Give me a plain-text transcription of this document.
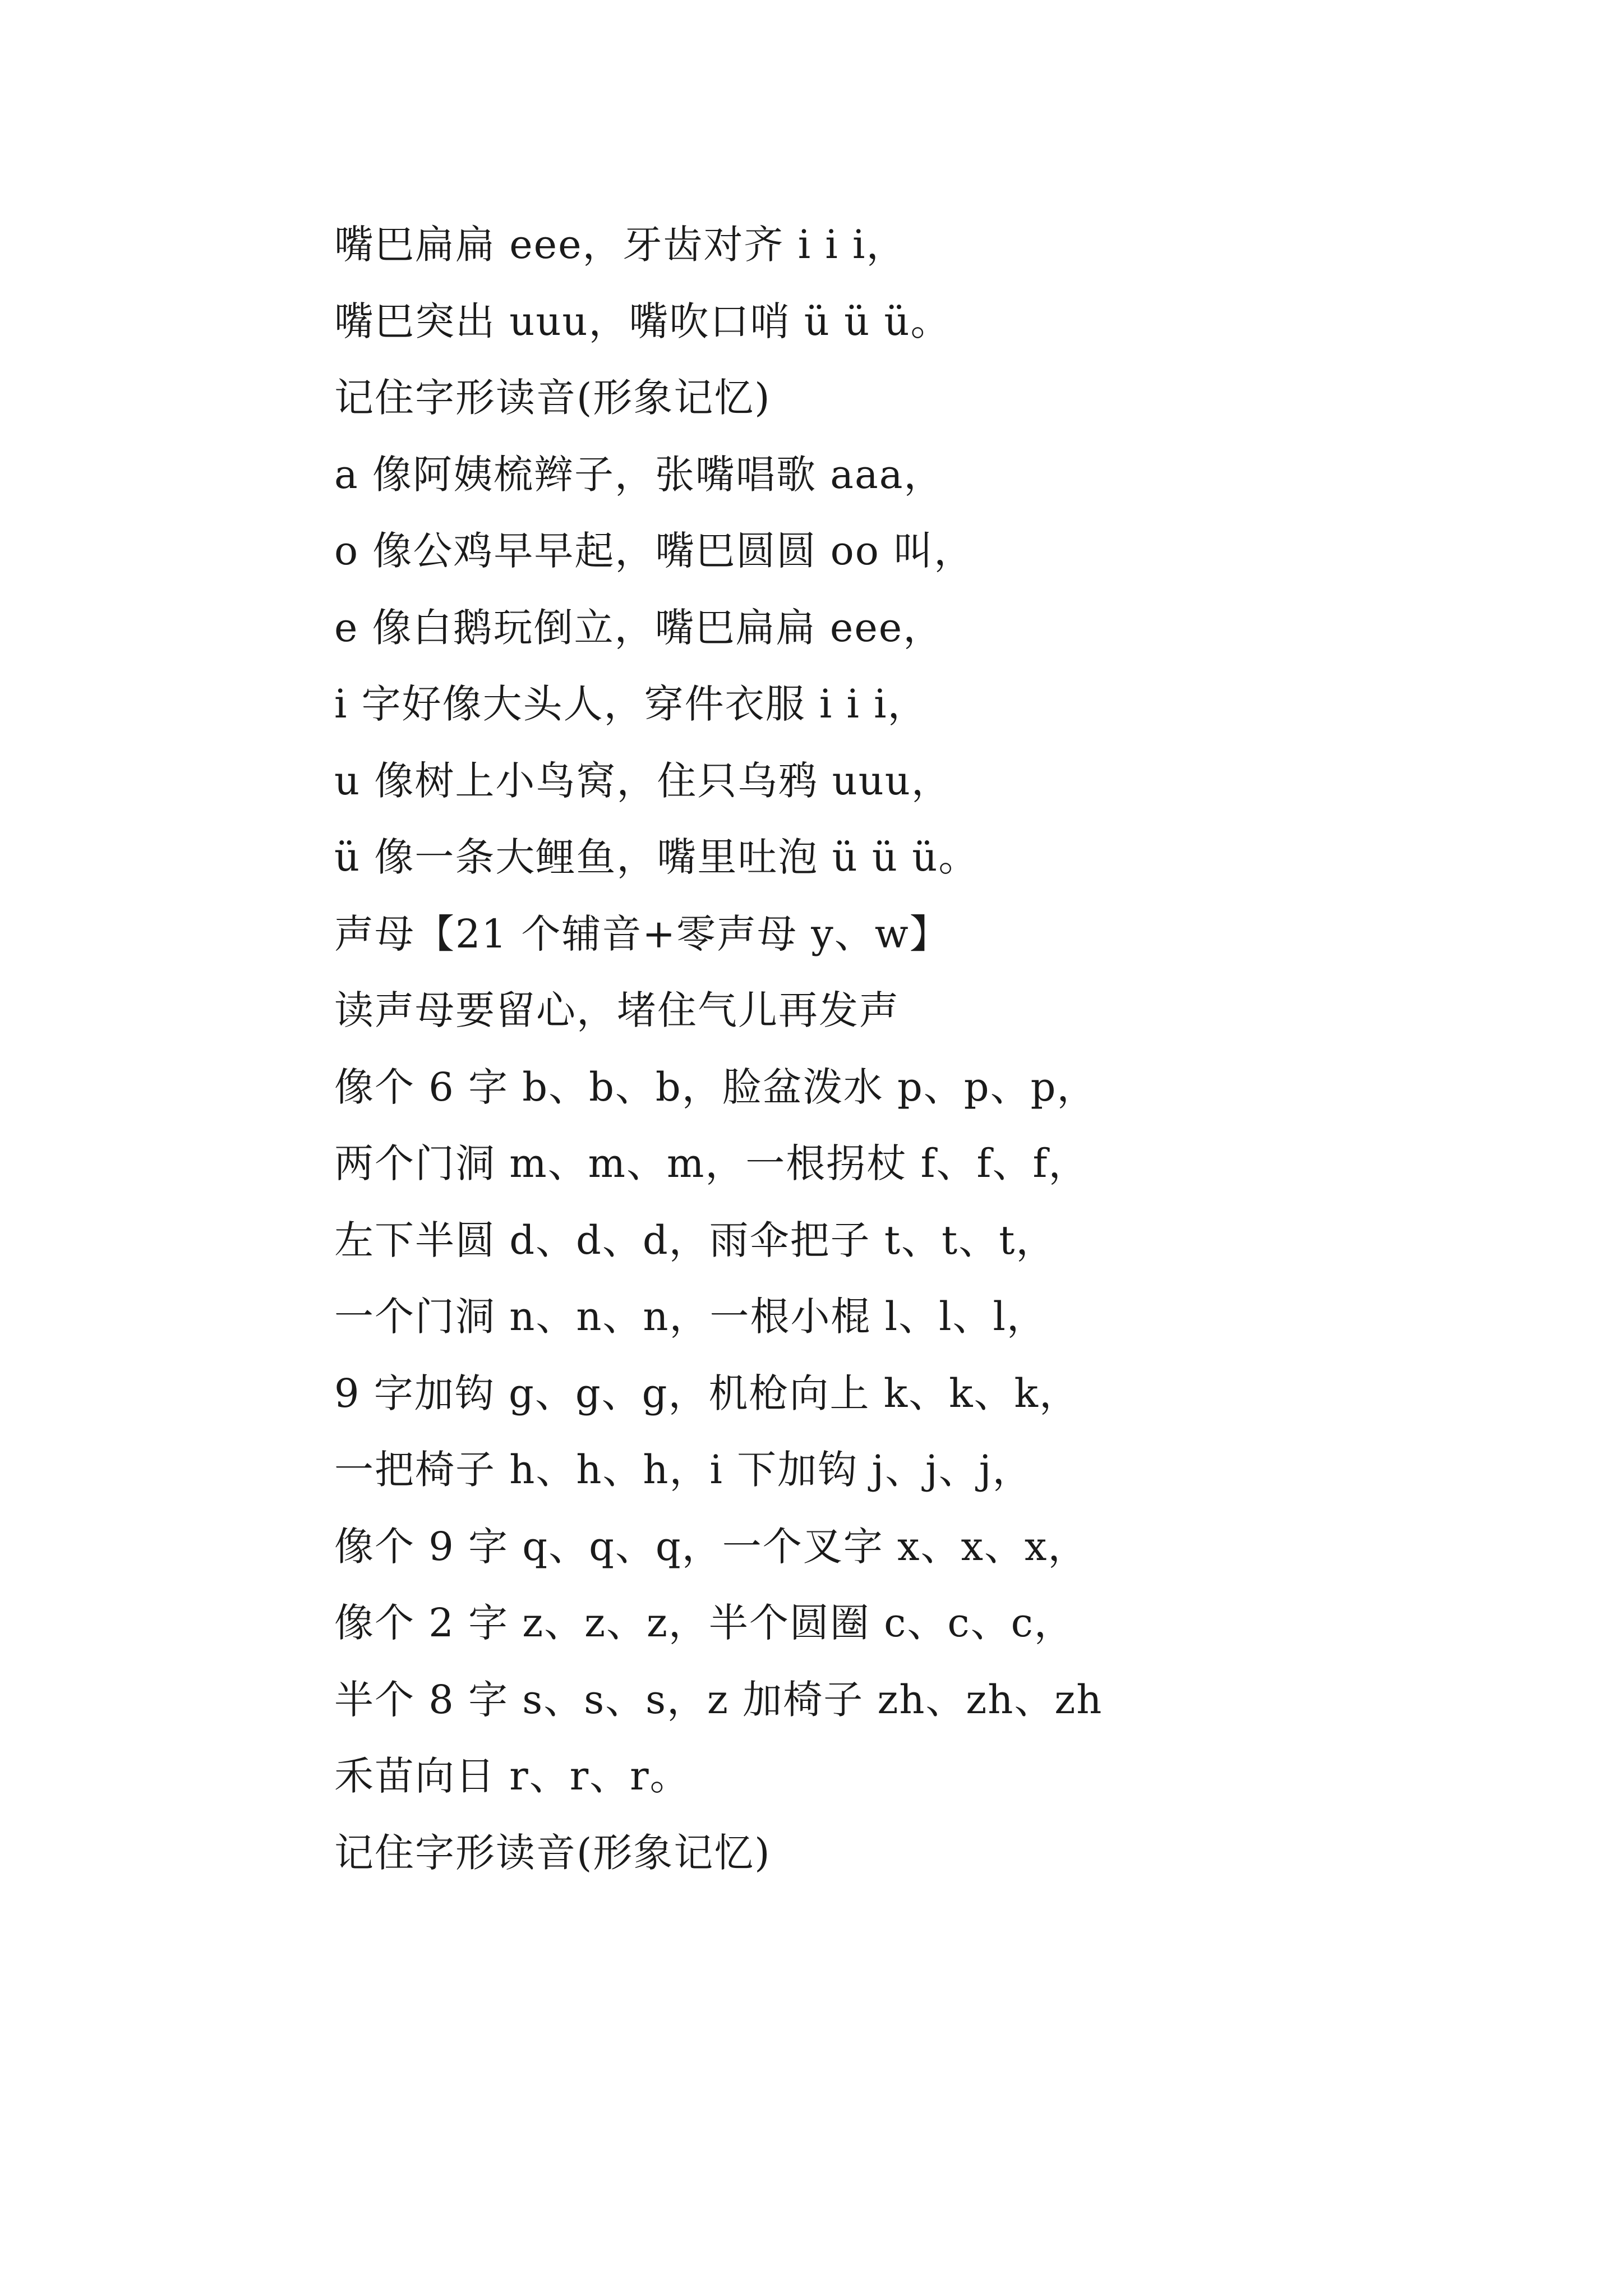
嘴巴扁扁 eee，牙齿对齐 i i i，
嘴巴突出 uuu，嘴吹口哨 ü ü ü。
记住字形读音(形象记忆)
a 像阿姨梳辫子，张嘴唱歌 aaa，
o 像公鸡早早起，嘴巴圆圆 oo 叫，
e 像白鹅玩倒立，嘴巴扁扁 eee，
i 字好像大头人，穿件衣服 i i i，
u 像树上小鸟窝，住只乌鸦 uuu，
ü 像一条大鲤鱼，嘴里吐泡 ü ü ü。
声母【21 个辅音+零声母 y、w】
读声母要留心，堵住气儿再发声
像个 6 字 b、b、b，脸盆泼水 p、p、p，
两个门洞 m、m、m，一根拐杖 f、f、f，
左下半圆 d、d、d，雨伞把子 t、t、t，
一个门洞 n、n、n，一根小棍 l、l、l，
9 字加钩 g、g、g，机枪向上 k、k、k，
一把椅子 h、h、h，i 下加钩 j、j、j，
像个 9 字 q、q、q，一个叉字 x、x、x，
像个 2 字 z、z、z，半个圆圈 c、c、c，
半个 8 字 s、s、s，z 加椅子 zh、zh、zh
禾苗向日 r、r、r。
记住字形读音(形象记忆)
